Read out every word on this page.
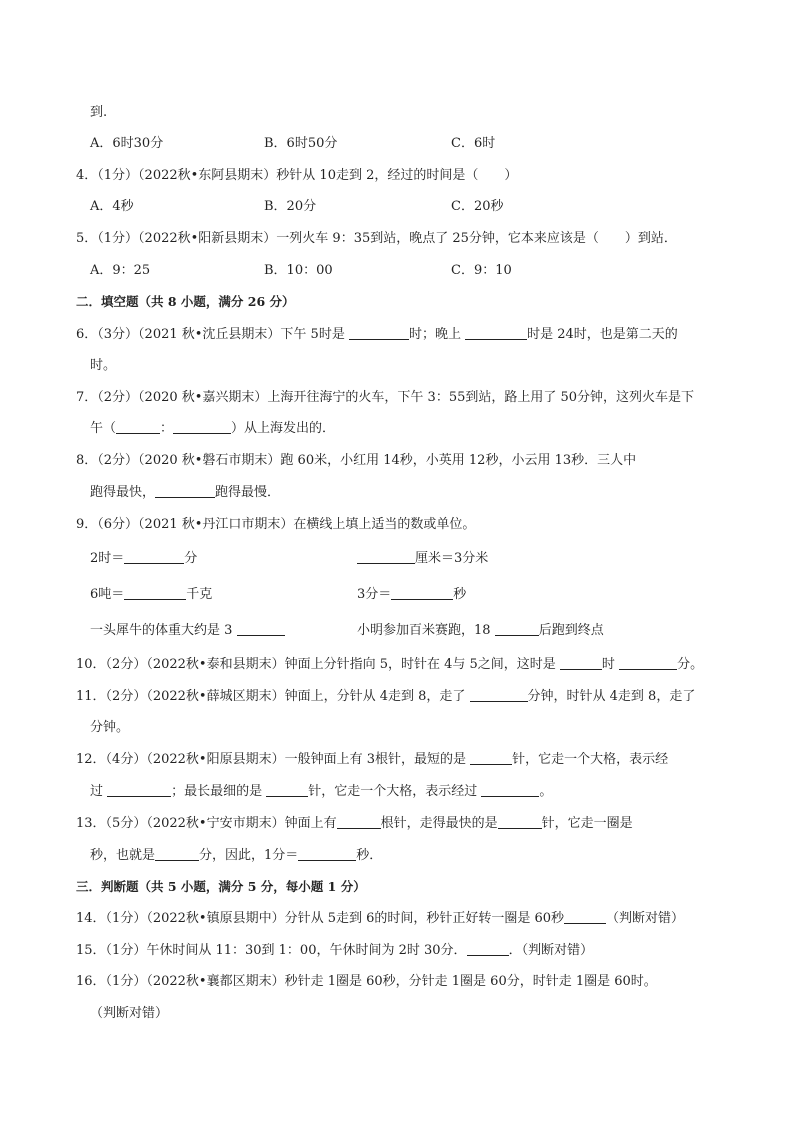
到.
A．6时30分	B．6时50分	C．6时
4．（1分）（2022秋•东阿县期末）秒针从 10走到 2，经过的时间是（　　）
A．4秒	B．20分	C．20秒
5．（1分）（2022秋•阳新县期末）一列火车 9：35到站，晚点了 25分钟，它本来应该是（　　）到站．
A．9：25	B．10：00	C．9：10
二．填空题（共 8 小题，满分 26 分）
6．（3分）（2021 秋•沈丘县期末）下午 5时是	时；晚上	时是 24时，也是第二天的
时。
7．（2分）（2020 秋•嘉兴期末）上海开往海宁的火车，下午 3：55到站，路上用了 50分钟，这列火车是下
午（	：	）从上海发出的．
8．（2分）（2020 秋•磐石市期末）跑 60米，小红用 14秒，小英用 12秒，小云用 13秒．三人中
跑得最快，	跑得最慢．
9．（6分）（2021 秋•丹江口市期末）在横线上填上适当的数或单位。
2时＝	分	厘米＝3分米
6吨＝	千克	3分＝	秒
一头犀牛的体重大约是 3	小明参加百米赛跑，18	后跑到终点
10．（2分）（2022秋•泰和县期末）钟面上分针指向 5，时针在 4与 5之间，这时是	时	分。
11．（2分）（2022秋•薛城区期末）钟面上，分针从 4走到 8，走了	分钟，时针从 4走到 8，走了
分钟。
12．（4分）（2022秋•阳原县期末）一般钟面上有 3根针，最短的是	针，它走一个大格，表示经
过	；最长最细的是	针，它走一个大格，表示经过	。
13．（5分）（2022秋•宁安市期末）钟面上有	根针，走得最快的是	针，它走一圈是
秒，也就是	分，因此，1分＝	秒．
三．判断题（共 5 小题，满分 5 分，每小题 1 分）
14．（1分）（2022秋•镇原县期中）分针从 5走到 6的时间，秒针正好转一圈是 60秒	（判断对错）
15．（1分）午休时间从 11：30到 1：00，午休时间为 2时 30分．	．（判断对错）
16．（1分）（2022秋•襄都区期末）秒针走 1圈是 60秒，分针走 1圈是 60分，时针走 1圈是 60时。
（判断对错）
